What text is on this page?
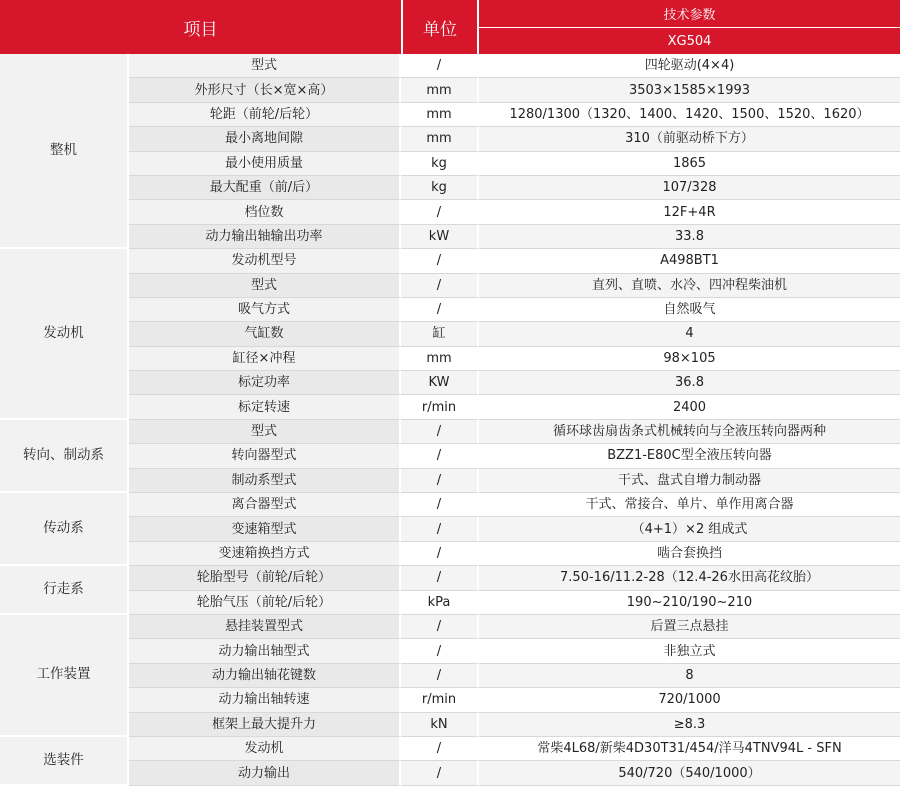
项目		单位	技术参数
			XG504
整机	型式	/	四轮驱动(4×4)
	外形尺寸（长×宽×高）	mm	3503×1585×1993
	轮距（前轮/后轮）	mm	1280/1300（1320、1400、1420、1500、1520、1620）
	最小离地间隙	mm	310（前驱动桥下方）
	最小使用质量	kg	1865
	最大配重（前/后）	kg	107/328
	档位数	/	12F+4R
	动力输出轴输出功率	kW	33.8
发动机	发动机型号	/	A498BT1
	型式	/	直列、直喷、水冷、四冲程柴油机
	吸气方式	/	自然吸气
	气缸数	缸	4
	缸径×冲程	mm	98×105
	标定功率	KW	36.8
	标定转速	r/min	2400
转向、制动系	型式	/	循环球齿扇齿条式机械转向与全液压转向器两种
	转向器型式	/	BZZ1-E80C型全液压转向器
	制动系型式	/	干式、盘式自增力制动器
传动系	离合器型式	/	干式、常接合、单片、单作用离合器
	变速箱型式	/	（4+1）×2 组成式
	变速箱换挡方式	/	啮合套换挡
行走系	轮胎型号（前轮/后轮）	/	7.50-16/11.2-28（12.4-26水田高花纹胎）
	轮胎气压（前轮/后轮）	kPa	190~210/190~210
工作装置	悬挂装置型式	/	后置三点悬挂
	动力输出轴型式	/	非独立式
	动力输出轴花键数	/	8
	动力输出轴转速	r/min	720/1000
	框架上最大提升力	kN	≥8.3
选装件	发动机	/	常柴4L68/新柴4D30T31/454/洋马4TNV94L - SFN
	动力输出	/	540/720（540/1000）
